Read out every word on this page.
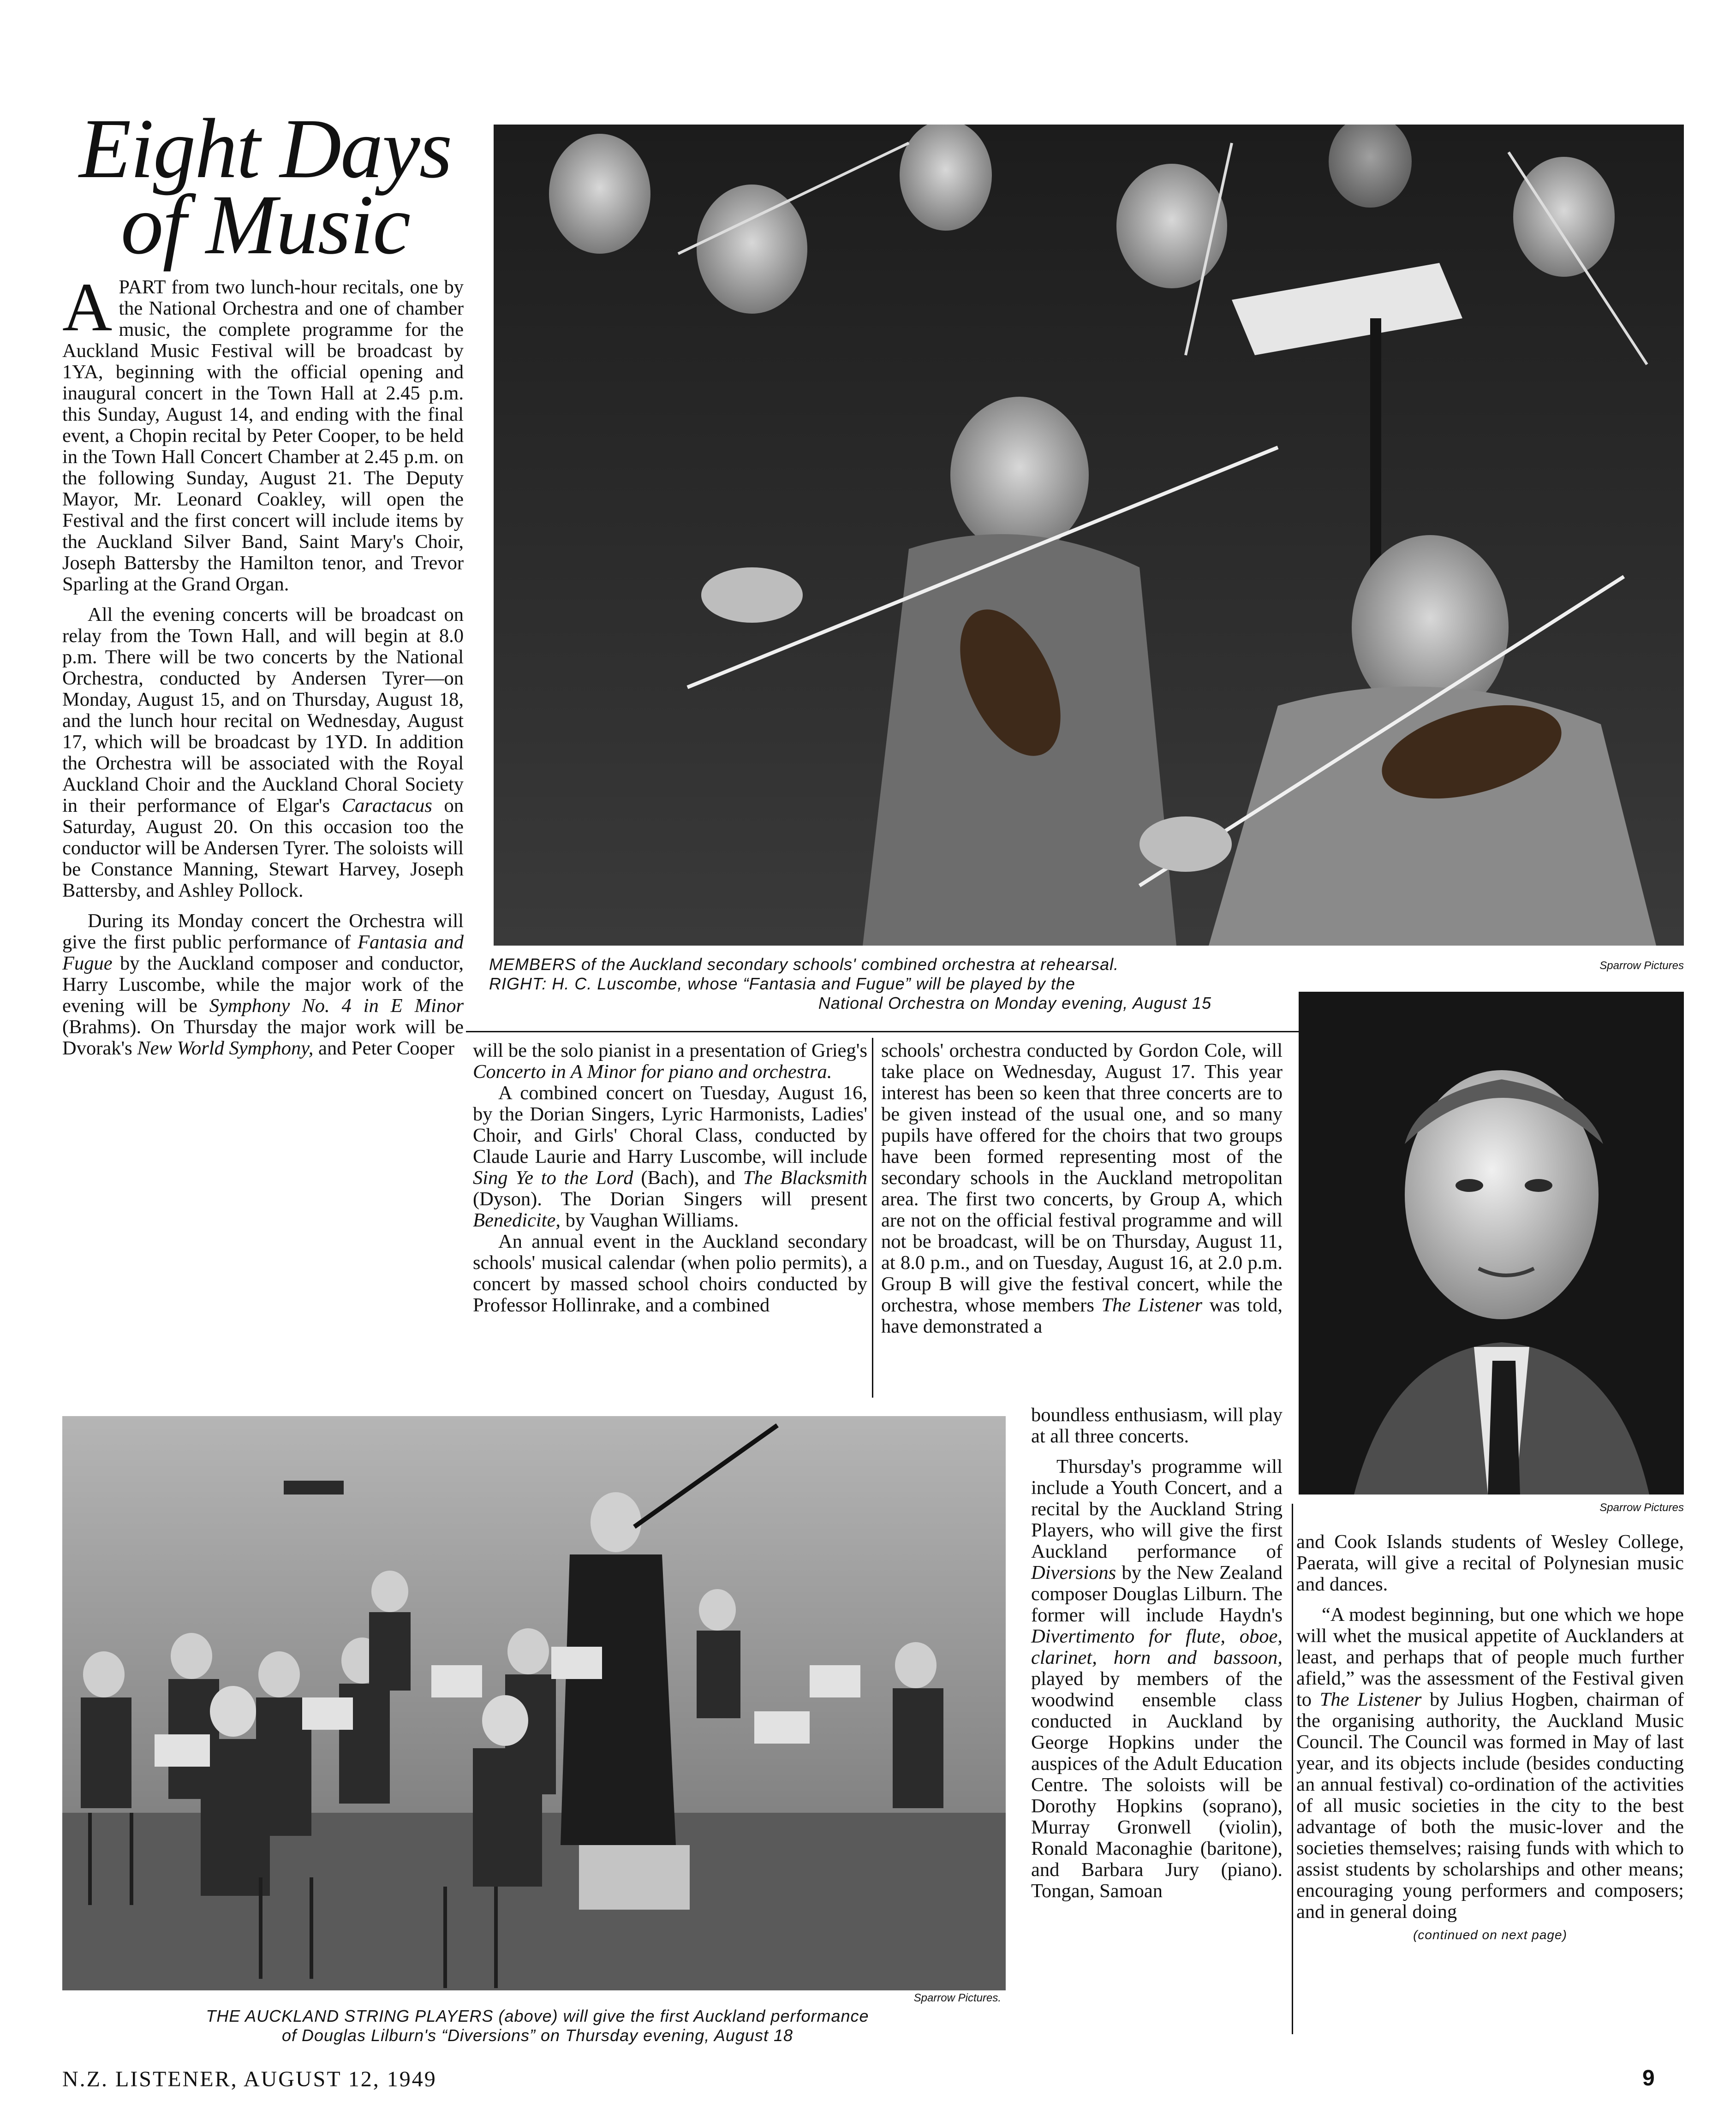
Eight Days
of Music

APART from two lunch-hour recitals, one by the National Orchestra and one of chamber music, the complete programme for the Auckland Music Festival will be broadcast by 1YA, beginning with the official opening and inaugural concert in the Town Hall at 2.45 p.m. this Sunday, August 14, and ending with the final event, a Chopin recital by Peter Cooper, to be held in the Town Hall Concert Chamber at 2.45 p.m. on the following Sunday, August 21. The Deputy Mayor, Mr. Leonard Coakley, will open the Festival and the first concert will include items by the Auckland Silver Band, Saint Mary's Choir, Joseph Battersby the Hamilton tenor, and Trevor Sparling at the Grand Organ.

All the evening concerts will be broadcast on relay from the Town Hall, and will begin at 8.0 p.m. There will be two concerts by the National Orchestra, conducted by Andersen Tyrer—on Monday, August 15, and on Thursday, August 18, and the lunch hour recital on Wednesday, August 17, which will be broadcast by 1YD. In addition the Orchestra will be associated with the Royal Auckland Choir and the Auckland Choral Society in their performance of Elgar's Caractacus on Saturday, August 20. On this occasion too the conductor will be Andersen Tyrer. The soloists will be Constance Manning, Stewart Harvey, Joseph Battersby, and Ashley Pollock.

During its Monday concert the Orchestra will give the first public performance of Fantasia and Fugue by the Auckland composer and conductor, Harry Luscombe, while the major work of the evening will be Symphony No. 4 in E Minor (Brahms). On Thursday the major work will be Dvorak's New World Symphony, and Peter Cooper

MEMBERS of the Auckland secondary schools' combined orchestra at rehearsal.
RIGHT: H. C. Luscombe, whose “Fantasia and Fugue” will be played by the
National Orchestra on Monday evening, August 15
Sparrow Pictures
Sparrow Pictures

will be the solo pianist in a presentation of Grieg's Concerto in A Minor for piano and orchestra.

A combined concert on Tuesday, August 16, by the Dorian Singers, Lyric Harmonists, Ladies' Choir, and Girls' Choral Class, conducted by Claude Laurie and Harry Luscombe, will include Sing Ye to the Lord (Bach), and The Blacksmith (Dyson). The Dorian Singers will present Benedicite, by Vaughan Williams.

An annual event in the Auckland secondary schools' musical calendar (when polio permits), a concert by massed school choirs conducted by Professor Hollinrake, and a combined

schools' orchestra conducted by Gordon Cole, will take place on Wednesday, August 17. This year interest has been so keen that three concerts are to be given instead of the usual one, and so many pupils have offered for the choirs that two groups have been formed representing most of the secondary schools in the Auckland metropolitan area. The first two concerts, by Group A, which are not on the official festival programme and will not be broadcast, will be on Thursday, August 11, at 8.0 p.m., and on Tuesday, August 16, at 2.0 p.m. Group B will give the festival concert, while the orchestra, whose members The Listener was told, have demonstrated a

boundless enthusiasm, will play at all three concerts.

Thursday's programme will include a Youth Concert, and a recital by the Auckland String Players, who will give the first Auckland performance of Diversions by the New Zealand composer Douglas Lilburn. The former will include Haydn's Divertimento for flute, oboe, clarinet, horn and bassoon, played by members of the woodwind ensemble class conducted in Auckland by George Hopkins under the auspices of the Adult Education Centre. The soloists will be Dorothy Hopkins (soprano), Murray Gronwell (violin), Ronald Maconaghie (baritone), and Barbara Jury (piano). Tongan, Samoan

and Cook Islands students of Wesley College, Paerata, will give a recital of Polynesian music and dances.

“A modest beginning, but one which we hope will whet the musical appetite of Aucklanders at least, and perhaps that of people much further afield,” was the assessment of the Festival given to The Listener by Julius Hogben, chairman of the organising authority, the Auckland Music Council. The Council was formed in May of last year, and its objects include (besides conducting an annual festival) co-ordination of the activities of all music societies in the city to the best advantage of both the music-lover and the societies themselves; raising funds with which to assist students by scholarships and other means; encouraging young performers and composers; and in general doing

(continued on next page)
Sparrow Pictures.
THE AUCKLAND STRING PLAYERS (above) will give the first Auckland performance
of Douglas Lilburn's “Diversions” on Thursday evening, August 18
N.Z. LISTENER, AUGUST 12, 1949	9
